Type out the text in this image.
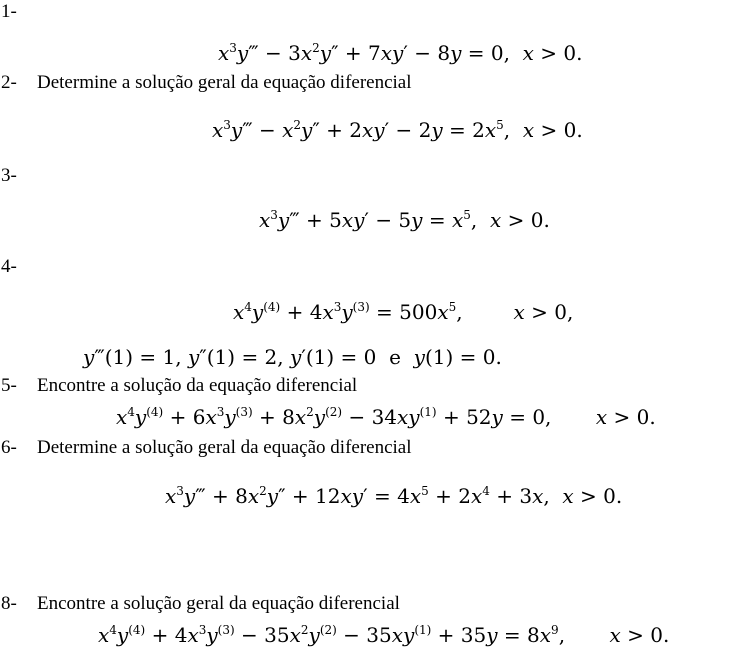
1-
$x^3y‴ - 3x^2y'' + 7xy' - 8y = 0$,  x > 0.
2- Determine a solução geral da equação diferencial
$x^3y‴ - x^2y'' + 2xy' - 2y = 2x^5$,  x > 0.
3-
$x^3y‴ + 5xy' - 5y = x^5$,  x > 0.
4-
$x^4y^{(4)} + 4x^3y^{(3)} = 500x^5$,        x > 0,
y‴(1) = 1, y″(1) = 2, y′(1) = 0  e  y(1) = 0.
5- Encontre a solução da equação diferencial
$x^4y^{(4)} + 6x^3y^{(3)} + 8x^2y^{(2)} - 34xy^{(1)} + 52y = 0$,       x > 0.
6- Determine a solução geral da equação diferencial
$x^3y‴ + 8x^2y'' + 12xy' = 4x^5 + 2x^4 + 3x$,  x > 0.
8- Encontre a solução geral da equação diferencial
$x^4y^{(4)} + 4x^3y^{(3)} - 35x^2y^{(2)} - 35xy^{(1)} + 35y = 8x^9$,       x > 0.
